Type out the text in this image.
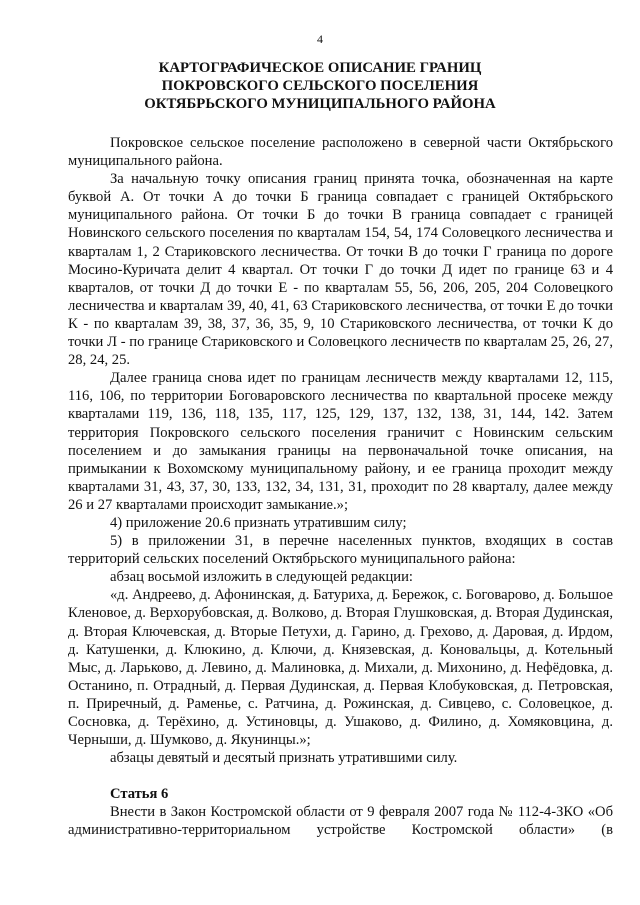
4
КАРТОГРАФИЧЕСКОЕ ОПИСАНИЕ ГРАНИЦ
ПОКРОВСКОГО СЕЛЬСКОГО ПОСЕЛЕНИЯ
ОКТЯБРЬСКОГО МУНИЦИПАЛЬНОГО РАЙОНА

Покровское сельское поселение расположено в северной части Октябрьского муниципального района.

За начальную точку описания границ принята точка, обозначенная на карте буквой А. От точки А до точки Б граница совпадает с границей Октябрьского муниципального района. От точки Б до точки В граница совпадает с границей Новинского сельского поселения по кварталам 154, 54, 174 Соловецкого лесничества и кварталам 1, 2 Стариковского лесничества. От точки В до точки Г граница по дороге Мосино-Куричата делит 4 квартал. От точки Г до точки Д идет по границе 63 и 4 кварталов, от точки Д до точки Е - по кварталам 55, 56, 206, 205, 204 Соловецкого лесничества и кварталам 39, 40, 41, 63 Стариковского лесничества, от точки Е до точки К - по кварталам 39, 38, 37, 36, 35, 9, 10 Стариковского лесничества, от точки К до точки Л - по границе Стариковского и Соловецкого лесничеств по кварталам 25, 26, 27, 28, 24, 25.

Далее граница снова идет по границам лесничеств между кварталами 12, 115, 116, 106, по территории Боговаровского лесничества по квартальной просеке между кварталами 119, 136, 118, 135, 117, 125, 129, 137, 132, 138, 31, 144, 142. Затем территория Покровского сельского поселения граничит с Новинским сельским поселением и до замыкания границы на первоначальной точке описания, на примыкании к Вохомскому муниципальному району, и ее граница проходит между кварталами 31, 43, 37, 30, 133, 132, 34, 131, 31, проходит по 28 кварталу, далее между 26 и 27 кварталами происходит замыкание.»;

4) приложение 20.6 признать утратившим силу;

5) в приложении 31, в перечне населенных пунктов, входящих в состав территорий сельских поселений Октябрьского муниципального района:

абзац восьмой изложить в следующей редакции:

«д. Андреево, д. Афонинская, д. Батуриха, д. Бережок, с. Боговарово, д. Большое Кленовое, д. Верхорубовская, д. Волково, д. Вторая Глушковская, д. Вторая Дудинская, д. Вторая Ключевская, д. Вторые Петухи, д. Гарино, д. Грехово, д. Даровая, д. Ирдом, д. Катушенки, д. Клюкино, д. Ключи, д. Князевская, д. Коновальцы, д. Котельный Мыс, д. Ларьково, д. Левино, д. Малиновка, д. Михали, д. Михонино, д. Нефёдовка, д. Останино, п. Отрадный, д. Первая Дудинская, д. Первая Клобуковская, д. Петровская, п. Приречный, д. Раменье, с. Ратчина, д. Рожинская, д. Сивцево, с. Соловецкое, д. Сосновка, д. Терёхино, д. Устиновцы, д. Ушаково, д. Филино, д. Хомяковцина, д. Черныши, д. Шумково, д. Якунинцы.»;

абзацы девятый и десятый признать утратившими силу.

Статья 6

Внести в Закон Костромской области от 9 февраля 2007 года № 112-4-ЗКО «Об административно-территориальном устройстве Костромской области» (в
